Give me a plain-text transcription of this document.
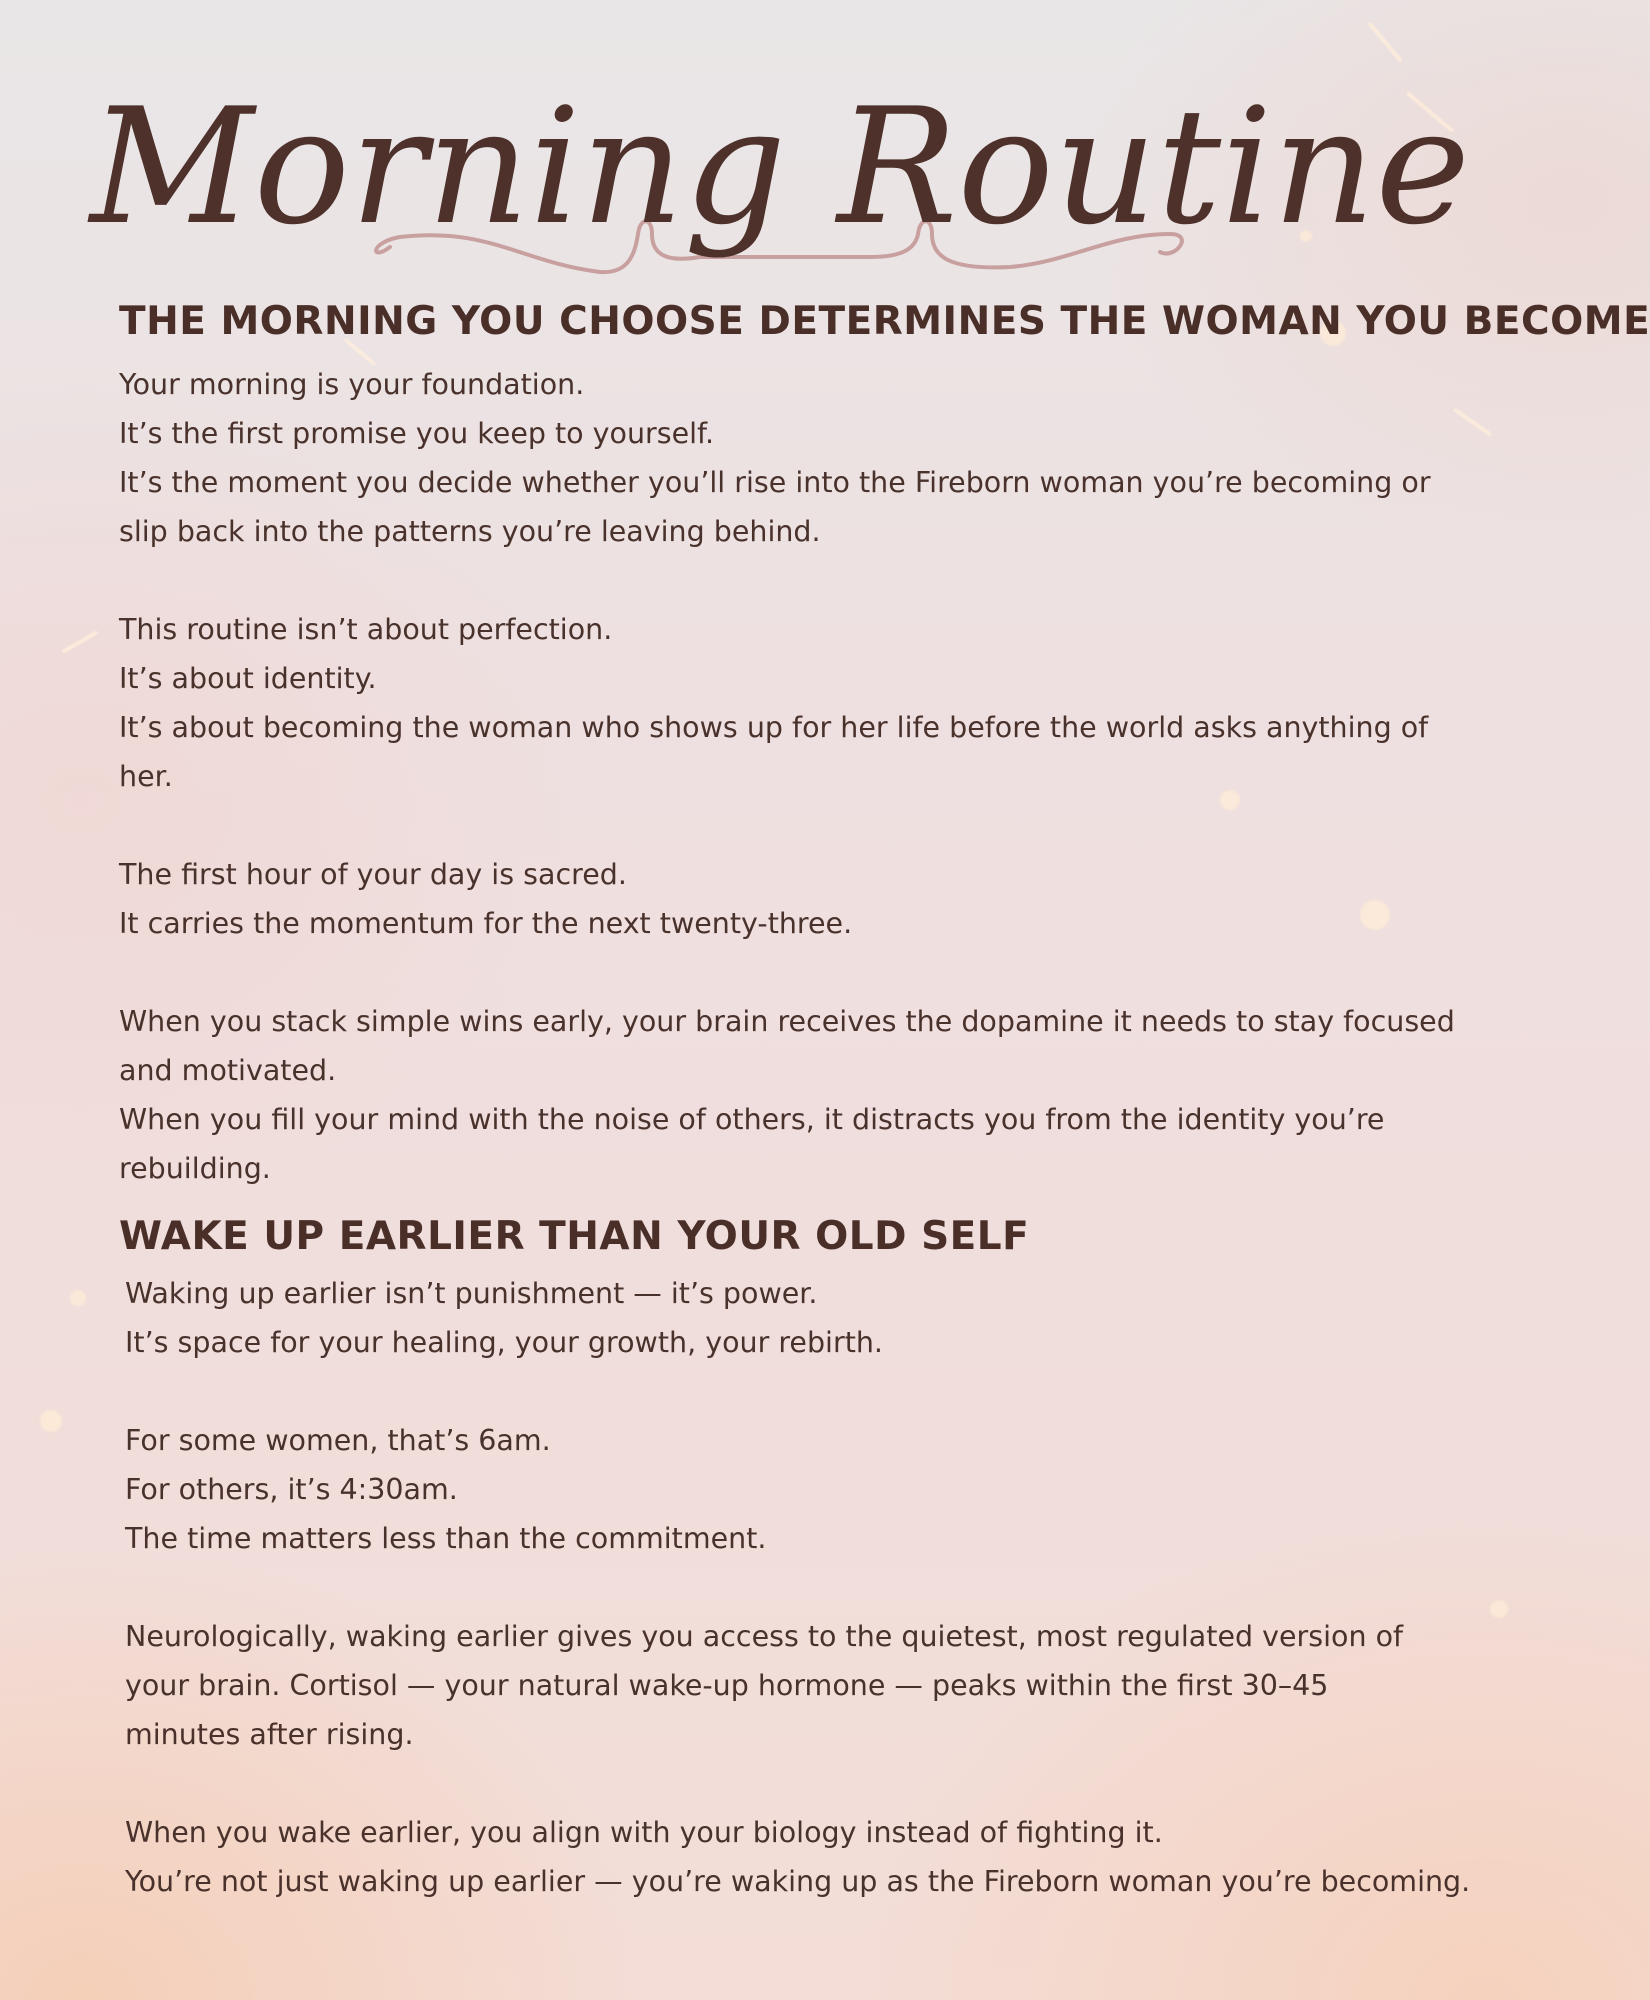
Morning Routine
THE MORNING YOU CHOOSE DETERMINES THE WOMAN YOU BECOME

Your morning is your foundation.

It’s the first promise you keep to yourself.

It’s the moment you decide whether you’ll rise into the Fireborn woman you’re becoming or

slip back into the patterns you’re leaving behind.

This routine isn’t about perfection.

It’s about identity.

It’s about becoming the woman who shows up for her life before the world asks anything of

her.

The first hour of your day is sacred.

It carries the momentum for the next twenty-three.

When you stack simple wins early, your brain receives the dopamine it needs to stay focused

and motivated.

When you fill your mind with the noise of others, it distracts you from the identity you’re

rebuilding.

WAKE UP EARLIER THAN YOUR OLD SELF

Waking up earlier isn’t punishment — it’s power.

It’s space for your healing, your growth, your rebirth.

For some women, that’s 6am.

For others, it’s 4:30am.

The time matters less than the commitment.

Neurologically, waking earlier gives you access to the quietest, most regulated version of

your brain. Cortisol — your natural wake-up hormone — peaks within the first 30–45

minutes after rising.

When you wake earlier, you align with your biology instead of fighting it.

You’re not just waking up earlier — you’re waking up as the Fireborn woman you’re becoming.
